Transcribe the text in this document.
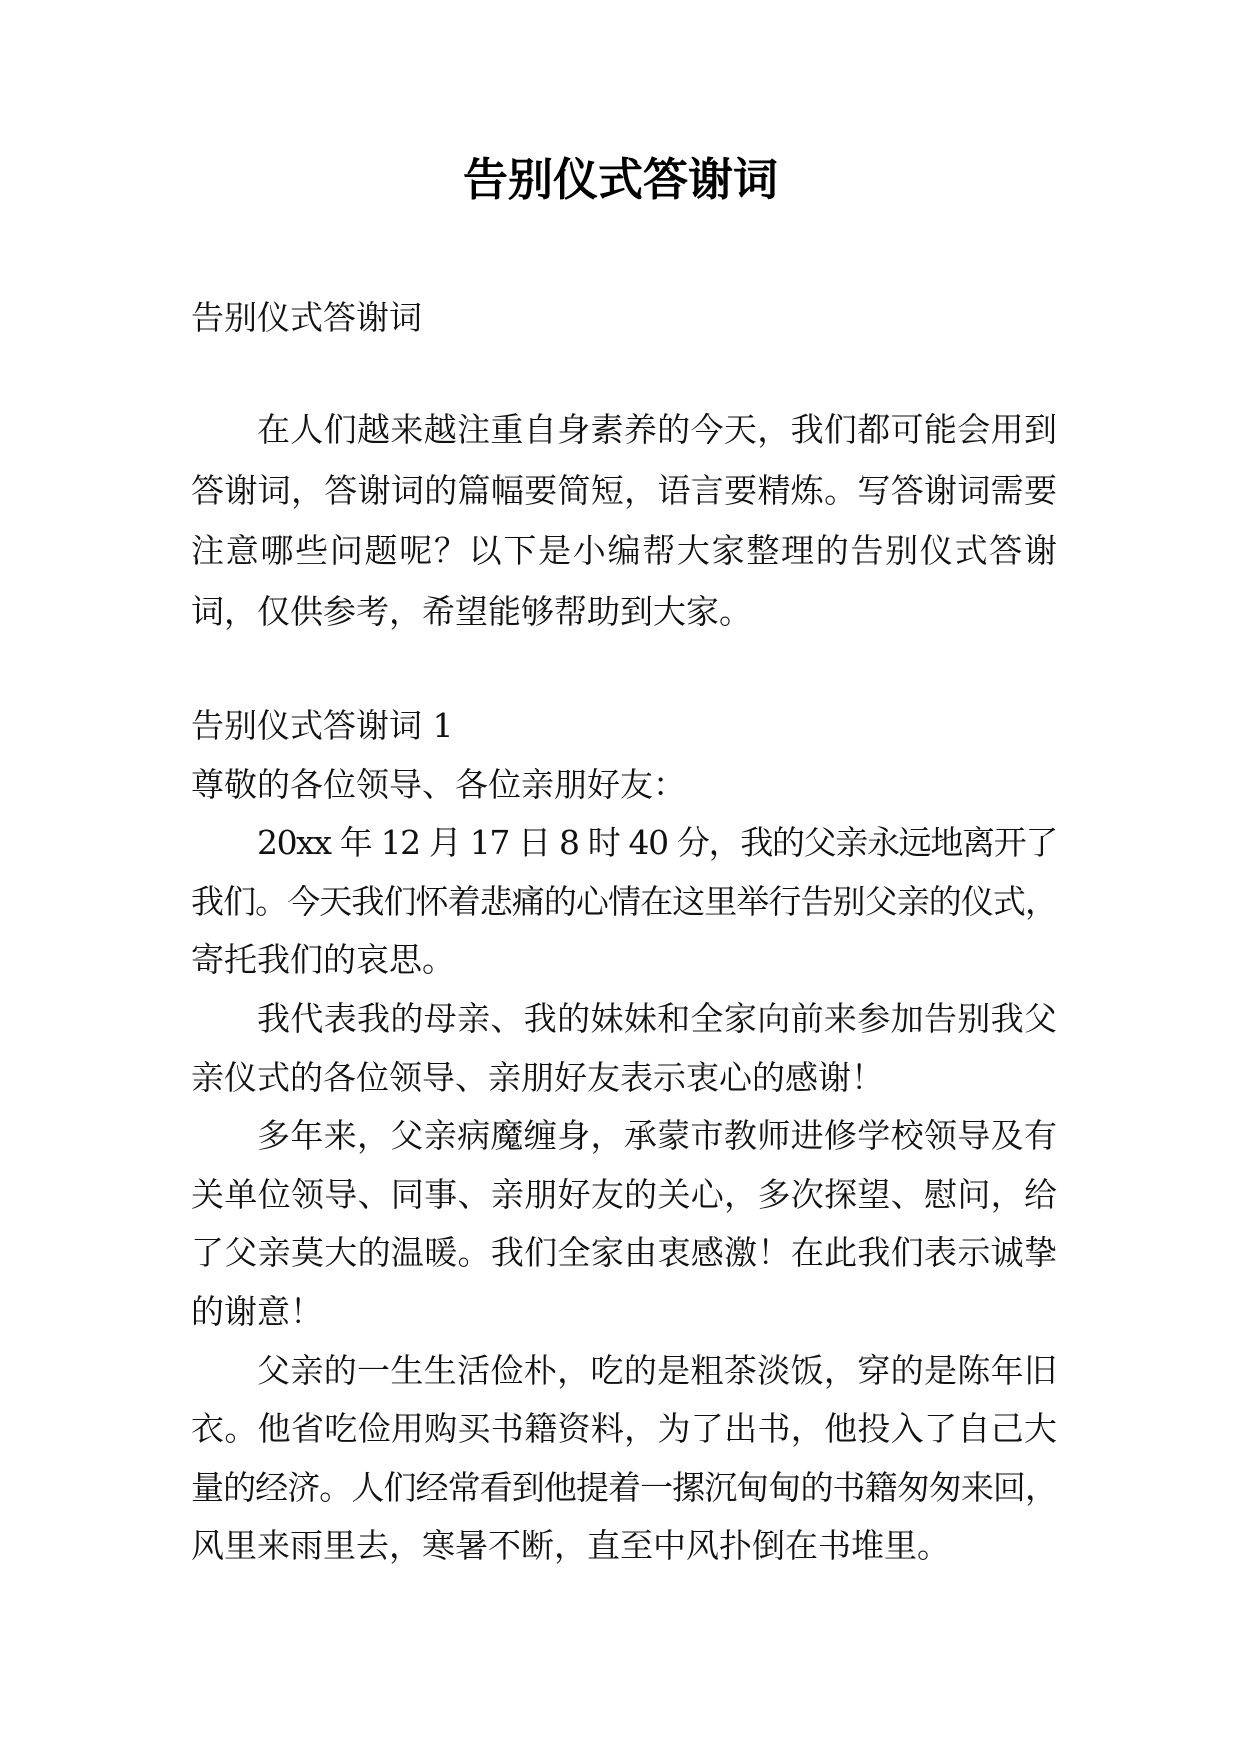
告别仪式答谢词
告别仪式答谢词
在人们越来越注重自身素养的今天，我们都可能会用到
答谢词，答谢词的篇幅要简短，语言要精炼。写答谢词需要
注意哪些问题呢？以下是小编帮大家整理的告别仪式答谢
词，仅供参考，希望能够帮助到大家。
告别仪式答谢词 1
尊敬的各位领导、各位亲朋好友：
20xx 年 12 月 17 日 8 时 40 分，我的父亲永远地离开了
我们。今天我们怀着悲痛的心情在这里举行告别父亲的仪式，
寄托我们的哀思。
我代表我的母亲、我的妹妹和全家向前来参加告别我父
亲仪式的各位领导、亲朋好友表示衷心的感谢！
多年来，父亲病魔缠身，承蒙市教师进修学校领导及有
关单位领导、同事、亲朋好友的关心，多次探望、慰问，给
了父亲莫大的温暖。我们全家由衷感激！在此我们表示诚挚
的谢意！
父亲的一生生活俭朴，吃的是粗茶淡饭，穿的是陈年旧
衣。他省吃俭用购买书籍资料，为了出书，他投入了自己大
量的经济。人们经常看到他提着一摞沉甸甸的书籍匆匆来回，
风里来雨里去，寒暑不断，直至中风扑倒在书堆里。
